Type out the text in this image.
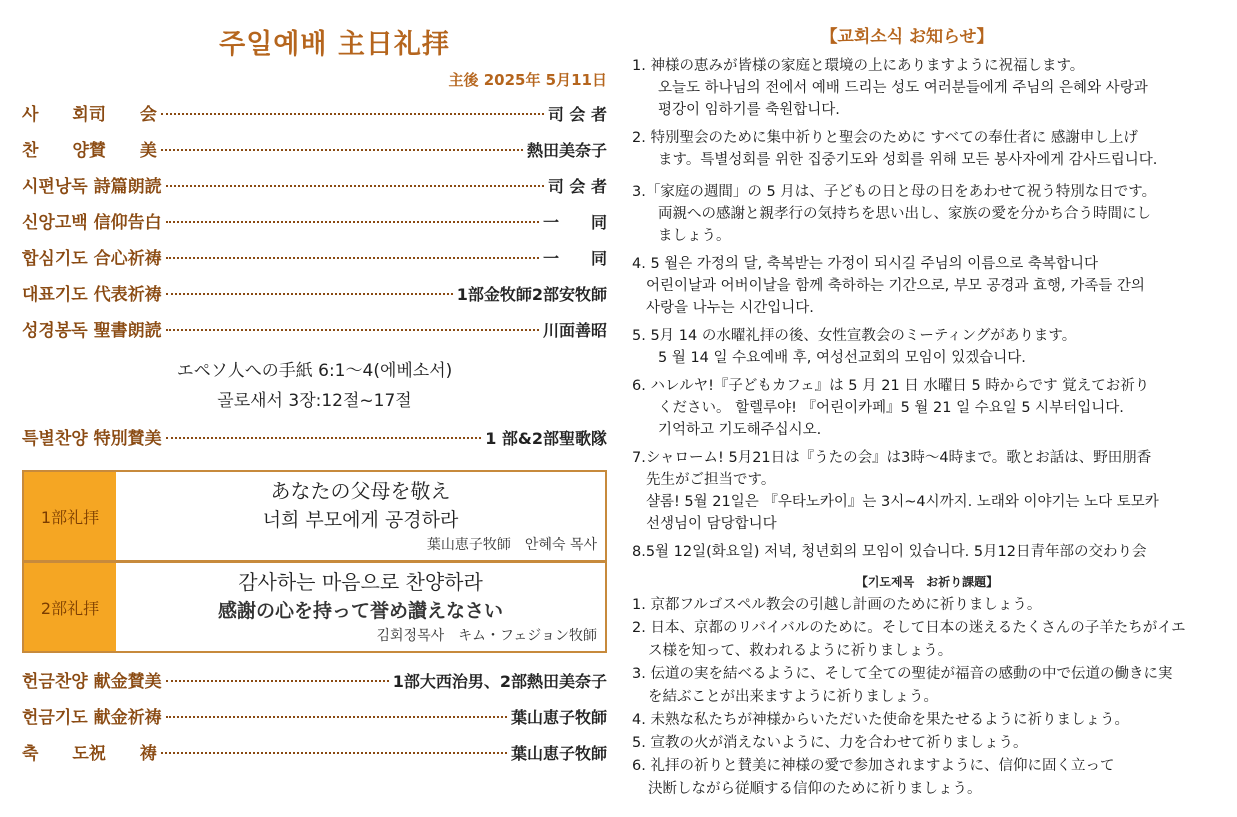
주일예배 主日礼拝
主後 2025年 5月11日
사　　회司　　会	司 会 者
찬　　양賛　　美	熱田美奈子
시편낭독 詩篇朗読	司 会 者
신앙고백 信仰告白	一　　同
합심기도 合心祈祷	一　　同
대표기도 代表祈祷	1部金牧師2部安牧師
성경봉독 聖書朗読	川面善昭
エペソ人への手紙 6:1～4(에베소서)
골로새서 3장:12절~17절
특별찬양 特別賛美	1 部&2部聖歌隊
1部礼拝
あなたの父母を敬え
너희 부모에게 공경하라
葉山恵子牧師　안혜숙 목사
2部礼拝
감사하는 마음으로 찬양하라
感謝の心を持って誉め讃えなさい
김회정목사　キム・フェジョン牧師
헌금찬양 献金賛美	1部大西治男、2部熱田美奈子
헌금기도 献金祈祷	葉山恵子牧師
축　　도祝　　祷	葉山恵子牧師
【교회소식 お知らせ】

1. 神様の恵みが皆様の家庭と環境の上にありますように祝福します。

오늘도 하나님의 전에서 예배 드리는 성도 여러분들에게 주님의 은혜와 사랑과

평강이 임하기를 축원합니다.

2. 特別聖会のために集中祈りと聖会のために すべての奉仕者に 感謝申し上げ

ます。특별성회를 위한 집중기도와 성회를 위해 모든 봉사자에게 감사드립니다.

3.「家庭の週間」の 5 月は、子どもの日と母の日をあわせて祝う特別な日です。

両親への感謝と親孝行の気持ちを思い出し、家族の愛を分かち合う時間にし

ましょう。

4. 5 월은 가정의 달, 축복받는 가정이 되시길 주님의 이름으로 축복합니다

어린이날과 어버이날을 함께 축하하는 기간으로, 부모 공경과 효행, 가족들 간의

사랑을 나누는 시간입니다.

5. 5月 14 の水曜礼拝の後、女性宣教会のミーティングがあります。

5 월 14 일 수요예배 후, 여성선교회의 모임이 있겠습니다.

6. ハレルヤ!『子どもカフェ』は 5 月 21 日 水曜日 5 時からです 覚えてお祈り

ください。 할렐루야! 『어린이카페』5 월 21 일 수요일 5 시부터입니다.

기억하고 기도해주십시오.

7.シャローム! 5月21日は『うたの会』は3時～4時まで。歌とお話は、野田朋香

先生がご担当です。

샬롬! 5월 21일은 『우타노카이』는 3시~4시까지. 노래와 이야기는 노다 토모카

선생님이 담당합니다

8.5월 12일(화요일) 저녁, 청년회의 모임이 있습니다. 5月12日青年部の交わり会

【기도제목　お祈り課題】

1. 京都フルゴスペル教会の引越し計画のために祈りましょう。

2. 日本、京都のリバイバルのために。そして日本の迷えるたくさんの子羊たちがイエ

ス様を知って、救われるように祈りましょう。

3. 伝道の実を結べるように、そして全ての聖徒が福音の感動の中で伝道の働きに実

を結ぶことが出来ますように祈りましょう。

4. 未熟な私たちが神様からいただいた使命を果たせるように祈りましょう。

5. 宣教の火が消えないように、力を合わせて祈りましょう。

6. 礼拝の祈りと賛美に神様の愛で参加されますように、信仰に固く立って

決断しながら従順する信仰のために祈りましょう。
